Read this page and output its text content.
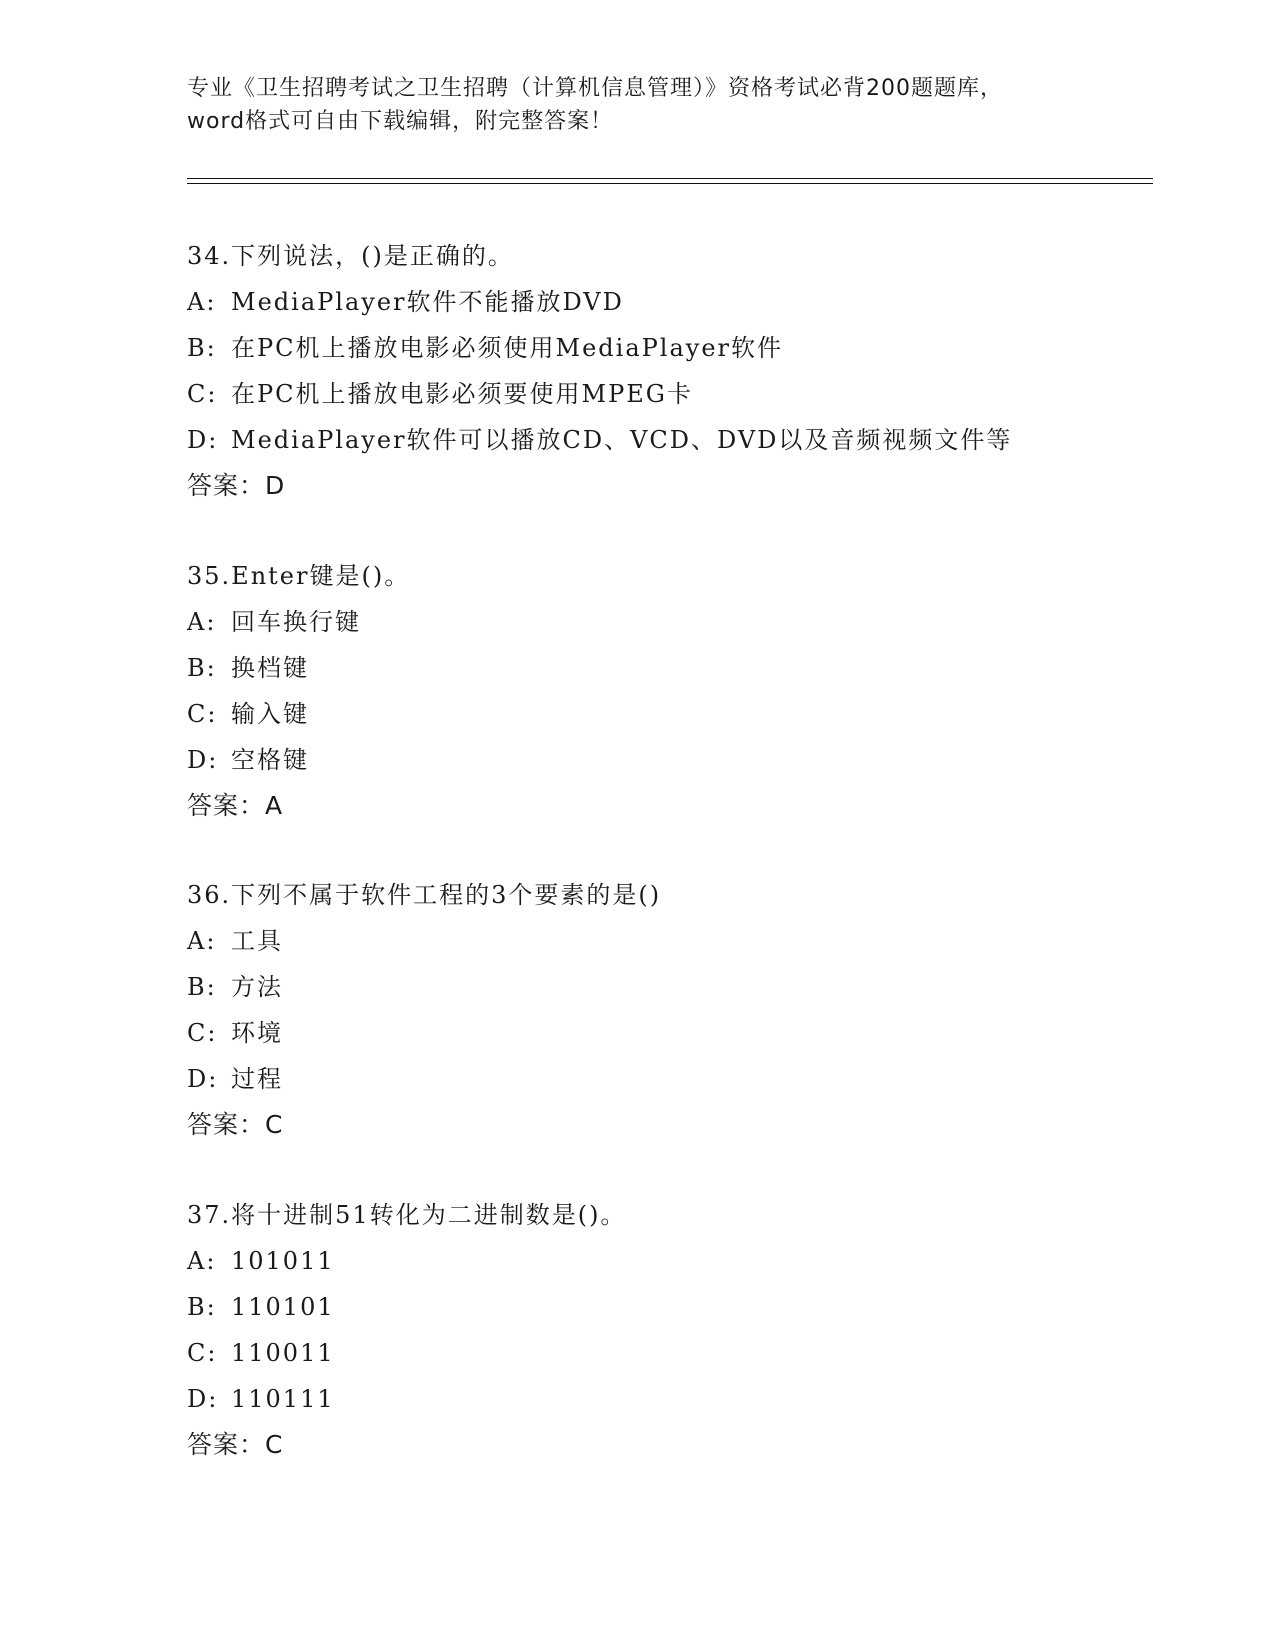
专业《卫生招聘考试之卫生招聘（计算机信息管理）》资格考试必背200题题库，
word格式可自由下载编辑，附完整答案！
34.下列说法，()是正确的。
A: MediaPlayer软件不能播放DVD
B: 在PC机上播放电影必须使用MediaPlayer软件
C: 在PC机上播放电影必须要使用MPEG卡
D: MediaPlayer软件可以播放CD、VCD、DVD以及音频视频文件等
答案：D
35.Enter键是()。
A: 回车换行键
B: 换档键
C: 输入键
D: 空格键
答案：A
36.下列不属于软件工程的3个要素的是()
A: 工具
B: 方法
C: 环境
D: 过程
答案：C
37.将十进制51转化为二进制数是()。
A: 101011
B: 110101
C: 110011
D: 110111
答案：C
